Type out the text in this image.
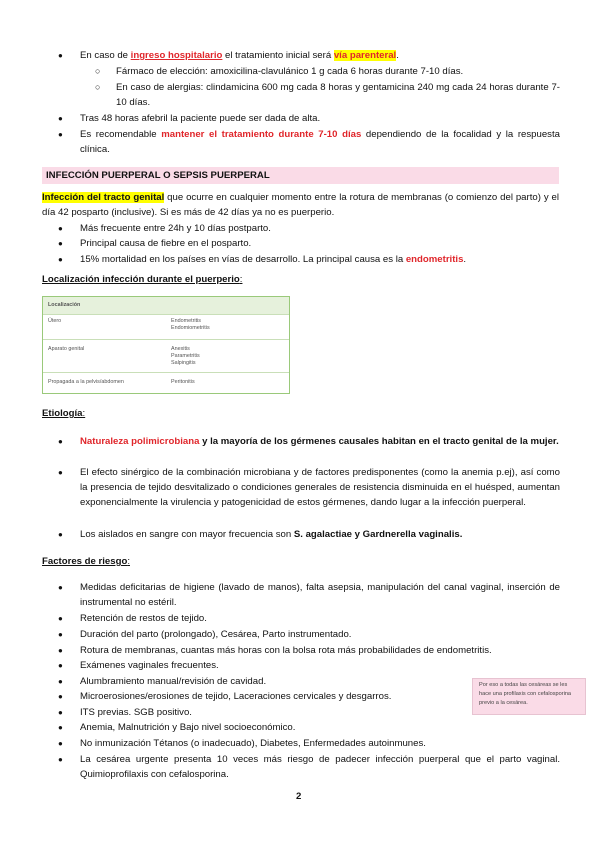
● En caso de ingreso hospitalario el tratamiento inicial será vía parenteral.
○ Fármaco de elección: amoxicilina-clavulánico 1 g cada 6 horas durante 7-10 días.
○ En caso de alergias: clindamicina 600 mg cada 8 horas y gentamicina 240 mg cada 24 horas durante 7-10 días.
● Tras 48 horas afebril la paciente puede ser dada de alta.
● Es recomendable mantener el tratamiento durante 7-10 días dependiendo de la focalidad y la respuesta clínica.
INFECCIÓN PUERPERAL O SEPSIS PUERPERAL
Infección del tracto genital que ocurre en cualquier momento entre la rotura de membranas (o comienzo del parto) y el día 42 posparto (inclusive). Si es más de 42 días ya no es puerperio.
● Más frecuente entre 24h y 10 días postparto.
● Principal causa de fiebre en el posparto.
● 15% mortalidad en los países en vías de desarrollo. La principal causa es la endometritis.
Localización infección durante el puerperio:
Localización
Útero	Endometritis
Endomiometritis
Aparato genital	Anexitis
Parametritis
Salpingitis
Propagada a la pelvis/abdomen	Peritonitis
Etiología:
● Naturaleza polimicrobiana y la mayoría de los gérmenes causales habitan en el tracto genital de la mujer.
● El efecto sinérgico de la combinación microbiana y de factores predisponentes (como la anemia p.ej), así como la presencia de tejido desvitalizado o condiciones generales de resistencia disminuida en el huésped, aumentan exponencialmente la virulencia y patogenicidad de estos gérmenes, dando lugar a la infección puerperal.
● Los aislados en sangre con mayor frecuencia son S. agalactiae y Gardnerella vaginalis.
Factores de riesgo:
● Medidas deficitarias de higiene (lavado de manos), falta asepsia, manipulación del canal vaginal, inserción de instrumental no estéril.
● Retención de restos de tejido.
● Duración del parto (prolongado), Cesárea, Parto instrumentado.
● Rotura de membranas, cuantas más horas con la bolsa rota más probabilidades de endometritis.
● Exámenes vaginales frecuentes.
● Alumbramiento manual/revisión de cavidad.
● Microerosiones/erosiones de tejido, Laceraciones cervicales y desgarros.
● ITS previas. SGB positivo.
● Anemia, Malnutrición y Bajo nivel socioeconómico.
● No inmunización Tétanos (o inadecuado), Diabetes, Enfermedades autoinmunes.
● La cesárea urgente presenta 10 veces más riesgo de padecer infección puerperal que el parto vaginal. Quimioprofilaxis con cefalosporina.
Por eso a todas las cesáreas se les hace una profilaxis con cefalosporina previo a la cesárea.
2
